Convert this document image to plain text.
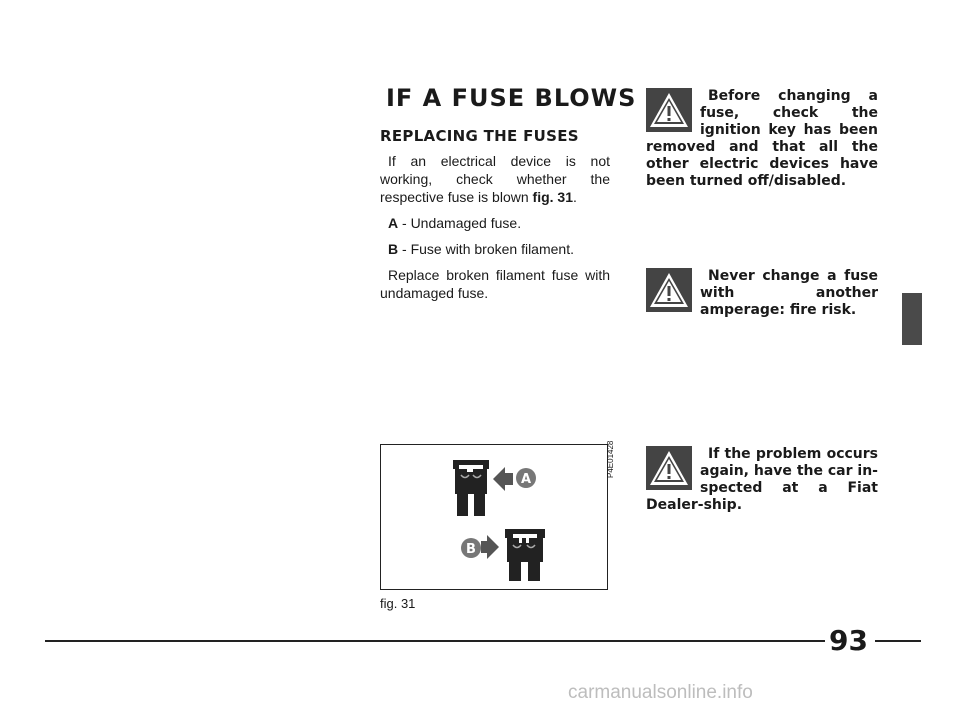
IF A FUSE BLOWS
REPLACING THE FUSES

If an electrical device is not working, check whether the respective fuse is blown fig. 31.

A - Undamaged fuse.

B - Fuse with broken filament.

Replace broken filament fuse with undamaged fuse.

A
B
P4E01428
fig. 31
Before changing a fuse, check the ignition key has been removed and that all the other electric devices have been turned off/disabled.
Never change a fuse with another amperage: fire risk.
If the problem occurs again, have the car in-spected at a Fiat Dealer-ship.
93
carmanualsonline.info
